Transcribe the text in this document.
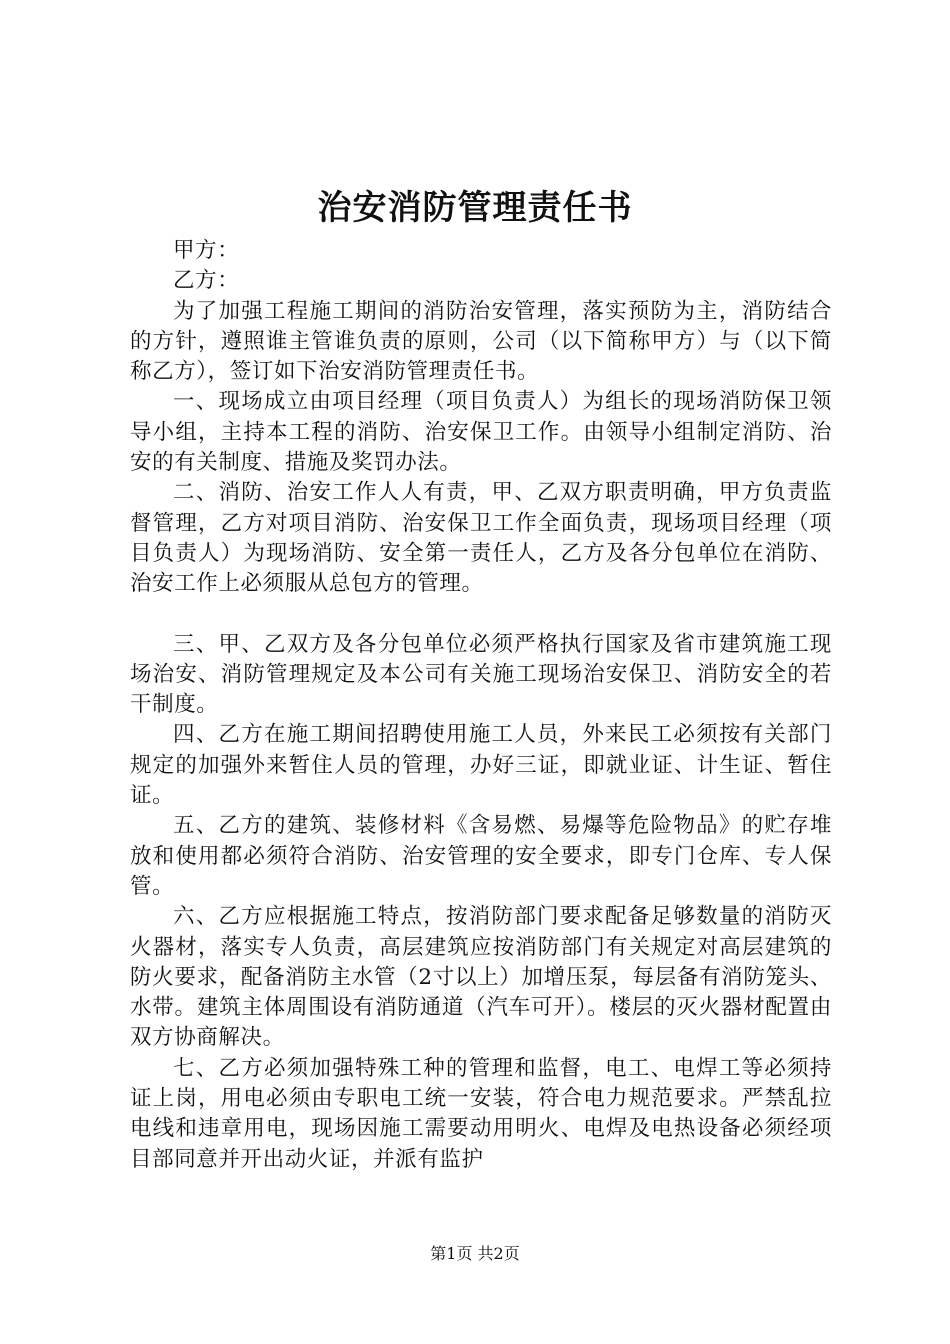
治安消防管理责任书

甲方：

乙方：

为了加强工程施工期间的消防治安管理，落实预防为主，消防结合的方针，遵照谁主管谁负责的原则，公司（以下简称甲方）与（以下简称乙方），签订如下治安消防管理责任书。

一、现场成立由项目经理（项目负责人）为组长的现场消防保卫领导小组，主持本工程的消防、治安保卫工作。由领导小组制定消防、治安的有关制度、措施及奖罚办法。

二、消防、治安工作人人有责，甲、乙双方职责明确，甲方负责监督管理，乙方对项目消防、治安保卫工作全面负责，现场项目经理（项目负责人）为现场消防、安全第一责任人，乙方及各分包单位在消防、治安工作上必须服从总包方的管理。

三、甲、乙双方及各分包单位必须严格执行国家及省市建筑施工现场治安、消防管理规定及本公司有关施工现场治安保卫、消防安全的若干制度。

四、乙方在施工期间招聘使用施工人员，外来民工必须按有关部门规定的加强外来暂住人员的管理，办好三证，即就业证、计生证、暂住证。

五、乙方的建筑、装修材料《含易燃、易爆等危险物品》的贮存堆放和使用都必须符合消防、治安管理的安全要求，即专门仓库、专人保管。

六、乙方应根据施工特点，按消防部门要求配备足够数量的消防灭火器材，落实专人负责，高层建筑应按消防部门有关规定对高层建筑的防火要求，配备消防主水管（2寸以上）加增压泵，每层备有消防笼头、水带。建筑主体周围设有消防通道（汽车可开）。楼层的灭火器材配置由双方协商解决。

七、乙方必须加强特殊工种的管理和监督，电工、电焊工等必须持证上岗，用电必须由专职电工统一安装，符合电力规范要求。严禁乱拉电线和违章用电，现场因施工需要动用明火、电焊及电热设备必须经项目部同意并开出动火证，并派有监护

第1页 共2页
